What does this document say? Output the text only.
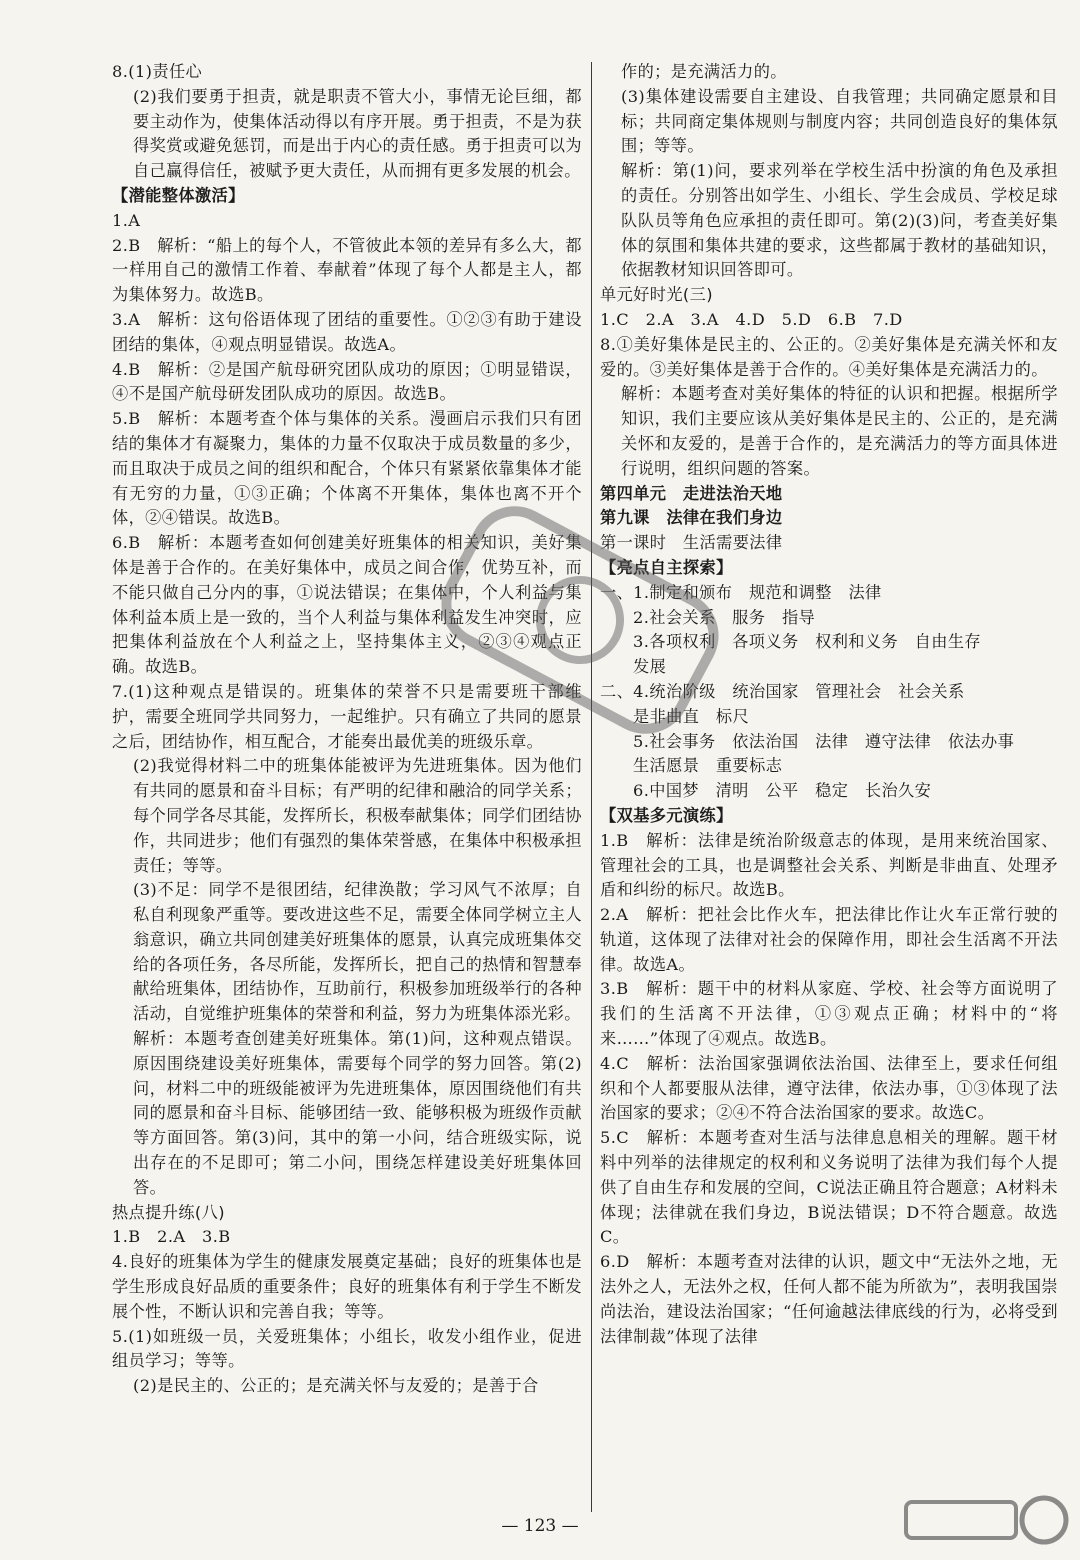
8.(1)责任心

(2)我们要勇于担责，就是职责不管大小，事情无论巨细，都要主动作为，使集体活动得以有序开展。勇于担责，不是为获得奖赏或避免惩罚，而是出于内心的责任感。勇于担责可以为自己赢得信任，被赋予更大责任，从而拥有更多发展的机会。

【潜能整体激活】

1.A

2.B　解析：“船上的每个人，不管彼此本领的差异有多么大，都一样用自己的激情工作着、奉献着”体现了每个人都是主人，都为集体努力。故选B。

3.A　解析：这句俗语体现了团结的重要性。①②③有助于建设团结的集体，④观点明显错误。故选A。

4.B　解析：②是国产航母研究团队成功的原因；①明显错误，④不是国产航母研发团队成功的原因。故选B。

5.B　解析：本题考查个体与集体的关系。漫画启示我们只有团结的集体才有凝聚力，集体的力量不仅取决于成员数量的多少，而且取决于成员之间的组织和配合，个体只有紧紧依靠集体才能有无穷的力量，①③正确；个体离不开集体，集体也离不开个体，②④错误。故选B。

6.B　解析：本题考查如何创建美好班集体的相关知识，美好集体是善于合作的。在美好集体中，成员之间合作，优势互补，而不能只做自己分内的事，①说法错误；在集体中，个人利益与集体利益本质上是一致的，当个人利益与集体利益发生冲突时，应把集体利益放在个人利益之上，坚持集体主义，②③④观点正确。故选B。

7.(1)这种观点是错误的。班集体的荣誉不只是需要班干部维护，需要全班同学共同努力，一起维护。只有确立了共同的愿景之后，团结协作，相互配合，才能奏出最优美的班级乐章。

(2)我觉得材料二中的班集体能被评为先进班集体。因为他们有共同的愿景和奋斗目标；有严明的纪律和融洽的同学关系；每个同学各尽其能，发挥所长，积极奉献集体；同学们团结协作，共同进步；他们有强烈的集体荣誉感，在集体中积极承担责任；等等。

(3)不足：同学不是很团结，纪律涣散；学习风气不浓厚；自私自利现象严重等。要改进这些不足，需要全体同学树立主人翁意识，确立共同创建美好班集体的愿景，认真完成班集体交给的各项任务，各尽所能，发挥所长，把自己的热情和智慧奉献给班集体，团结协作，互助前行，积极参加班级举行的各种活动，自觉维护班集体的荣誉和利益，努力为班集体添光彩。

解析：本题考查创建美好班集体。第(1)问，这种观点错误。原因围绕建设美好班集体，需要每个同学的努力回答。第(2)问，材料二中的班级能被评为先进班集体，原因围绕他们有共同的愿景和奋斗目标、能够团结一致、能够积极为班级作贡献等方面回答。第(3)问，其中的第一小问，结合班级实际，说出存在的不足即可；第二小问，围绕怎样建设美好班集体回答。

热点提升练(八)

1.B　2.A　3.B

4.良好的班集体为学生的健康发展奠定基础；良好的班集体也是学生形成良好品质的重要条件；良好的班集体有利于学生不断发展个性，不断认识和完善自我；等等。

5.(1)如班级一员，关爱班集体；小组长，收发小组作业，促进组员学习；等等。

(2)是民主的、公正的；是充满关怀与友爱的；是善于合

作的；是充满活力的。

(3)集体建设需要自主建设、自我管理；共同确定愿景和目标；共同商定集体规则与制度内容；共同创造良好的集体氛围；等等。

解析：第(1)问，要求列举在学校生活中扮演的角色及承担的责任。分别答出如学生、小组长、学生会成员、学校足球队队员等角色应承担的责任即可。第(2)(3)问，考查美好集体的氛围和集体共建的要求，这些都属于教材的基础知识，依据教材知识回答即可。

单元好时光(三)

1.C　2.A　3.A　4.D　5.D　6.B　7.D

8.①美好集体是民主的、公正的。②美好集体是充满关怀和友爱的。③美好集体是善于合作的。④美好集体是充满活力的。

解析：本题考查对美好集体的特征的认识和把握。根据所学知识，我们主要应该从美好集体是民主的、公正的，是充满关怀和友爱的，是善于合作的，是充满活力的等方面具体进行说明，组织问题的答案。

第四单元　走进法治天地

第九课　法律在我们身边

第一课时　生活需要法律

【亮点自主探索】

一、1.制定和颁布　规范和调整　法律

2.社会关系　服务　指导

3.各项权利　各项义务　权利和义务　自由生存

发展

二、4.统治阶级　统治国家　管理社会　社会关系

是非曲直　标尺

5.社会事务　依法治国　法律　遵守法律　依法办事

生活愿景　重要标志

6.中国梦　清明　公平　稳定　长治久安

【双基多元演练】

1.B　解析：法律是统治阶级意志的体现，是用来统治国家、管理社会的工具，也是调整社会关系、判断是非曲直、处理矛盾和纠纷的标尺。故选B。

2.A　解析：把社会比作火车，把法律比作让火车正常行驶的轨道，这体现了法律对社会的保障作用，即社会生活离不开法律。故选A。

3.B　解析：题干中的材料从家庭、学校、社会等方面说明了我们的生活离不开法律，①③观点正确；材料中的“将来……”体现了④观点。故选B。

4.C　解析：法治国家强调依法治国、法律至上，要求任何组织和个人都要服从法律，遵守法律，依法办事，①③体现了法治国家的要求；②④不符合法治国家的要求。故选C。

5.C　解析：本题考查对生活与法律息息相关的理解。题干材料中列举的法律规定的权利和义务说明了法律为我们每个人提供了自由生存和发展的空间，C说法正确且符合题意；A材料未体现；法律就在我们身边，B说法错误；D不符合题意。故选C。

6.D　解析：本题考查对法律的认识，题文中“无法外之地，无法外之人，无法外之权，任何人都不能为所欲为”，表明我国崇尚法治，建设法治国家；“任何逾越法律底线的行为，必将受到法律制裁”体现了法律

— 123 —
